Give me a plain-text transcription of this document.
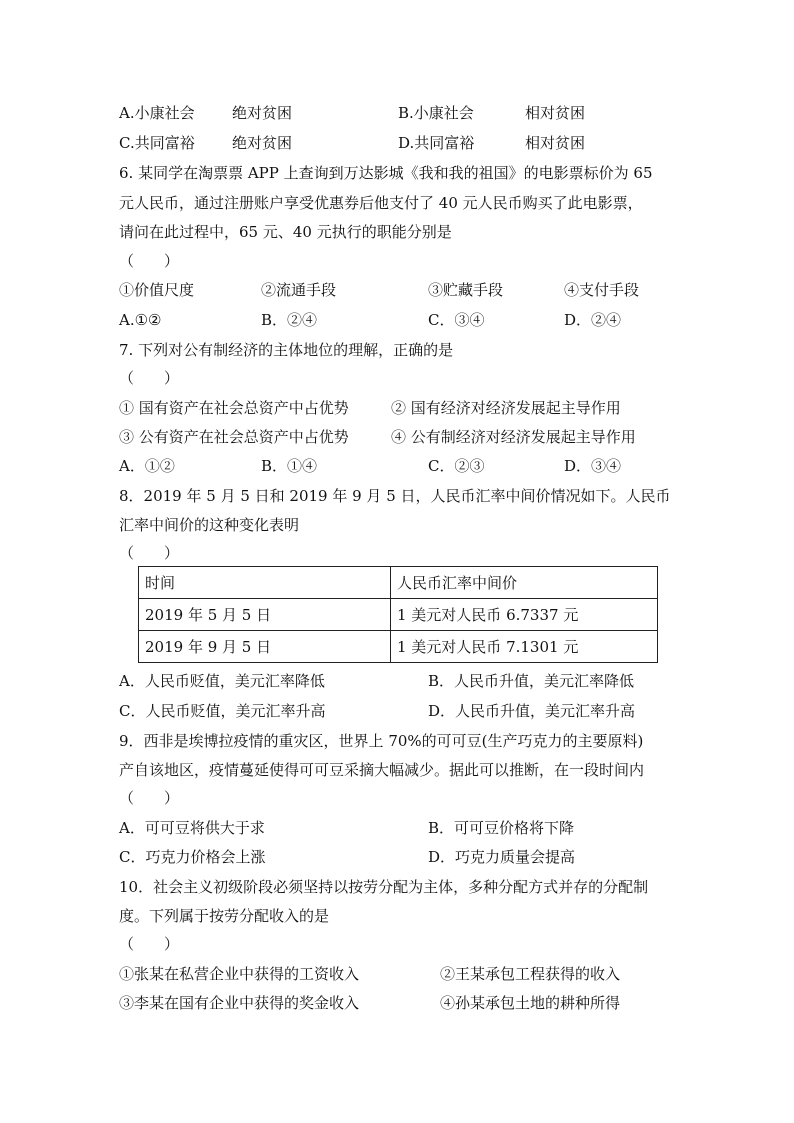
A.小康社会 绝对贫困	B.小康社会	相对贫困
C.共同富裕 绝对贫困	D.共同富裕	相对贫困
6. 某同学在淘票票 APP 上查询到万达影城《我和我的祖国》的电影票标价为 65
元人民币，通过注册账户享受优惠券后他支付了 40 元人民币购买了此电影票，
请问在此过程中，65 元、40 元执行的职能分别是
（　　）
①价值尺度	②流通手段	③贮藏手段	④支付手段
A.①②	B．②④	C．③④	D．②④
7. 下列对公有制经济的主体地位的理解，正确的是
（　　）
① 国有资产在社会总资产中占优势	② 国有经济对经济发展起主导作用
③ 公有资产在社会总资产中占优势	④ 公有制经济对经济发展起主导作用
A．①②	B．①④	C．②③	D．③④
8．2019 年 5 月 5 日和 2019 年 9 月 5 日，人民币汇率中间价情况如下。人民币
汇率中间价的这种变化表明
（　　）
时间	人民币汇率中间价
2019 年 5 月 5 日	1 美元对人民币 6.7337 元
2019 年 9 月 5 日	1 美元对人民币 7.1301 元
A．人民币贬值，美元汇率降低	B．人民币升值，美元汇率降低
C．人民币贬值，美元汇率升高	D．人民币升值，美元汇率升高
9．西非是埃博拉疫情的重灾区，世界上 70%的可可豆(生产巧克力的主要原料)
产自该地区，疫情蔓延使得可可豆采摘大幅减少。据此可以推断，在一段时间内
（　　）
A．可可豆将供大于求	B．可可豆价格将下降
C．巧克力价格会上涨	D．巧克力质量会提高
10．社会主义初级阶段必须坚持以按劳分配为主体，多种分配方式并存的分配制
度。下列属于按劳分配收入的是
（　　）
①张某在私营企业中获得的工资收入	②王某承包工程获得的收入
③李某在国有企业中获得的奖金收入	④孙某承包土地的耕种所得
